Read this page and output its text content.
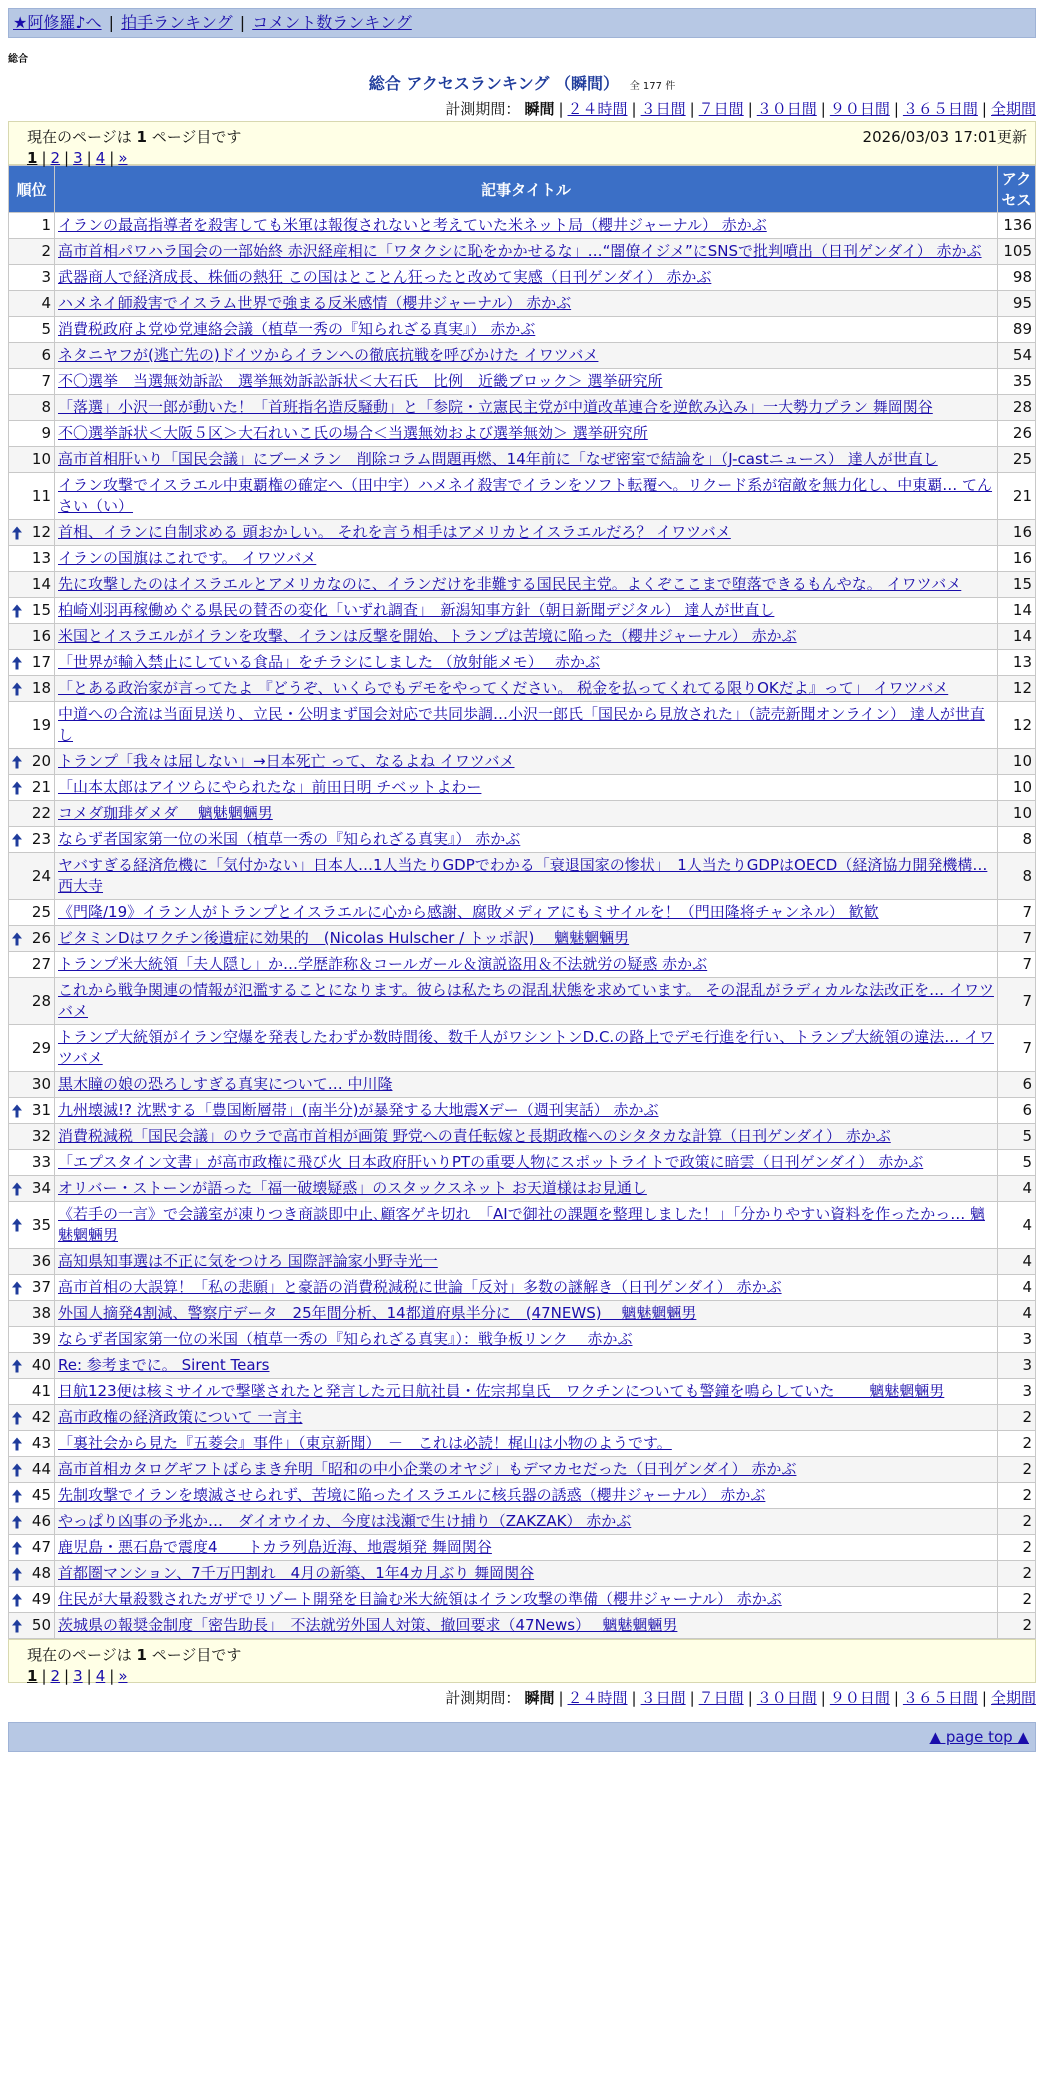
★阿修羅♪へ | 拍手ランキング | コメント数ランキング
総合
総合 アクセスランキング （瞬間） 全 177 件
計測期間： 瞬間 | ２４時間 | ３日間 | ７日間 | ３０日間 | ９０日間 | ３６５日間 | 全期間
現在のページは 1 ページ目です	2026/03/03 17:01更新
1 | 2 | 3 | 4 | »
順位	記事タイトル	アク
セス
1	イランの最高指導者を殺害しても米軍は報復されないと考えていた米ネット局（櫻井ジャーナル） 赤かぶ	136
2	高市首相パワハラ国会の一部始終 赤沢経産相に「ワタクシに恥をかかせるな」…“闇僚イジメ”にSNSで批判噴出（日刊ゲンダイ） 赤かぶ	105
3	武器商人で経済成長、株価の熱狂 この国はとことん狂ったと改めて実感（日刊ゲンダイ） 赤かぶ	98
4	ハメネイ師殺害でイスラム世界で強まる反米感情（櫻井ジャーナル） 赤かぶ	95
5	消費税政府よ党ゆ党連絡会議（植草一秀の『知られざる真実』） 赤かぶ	89
6	ネタニヤフが(逃亡先の)ドイツからイランへの徹底抗戦を呼びかけた イワツバメ	54
7	不〇選挙　当選無効訴訟　選挙無効訴訟訴状＜大石氏　比例　近畿ブロック＞ 選挙研究所	35
8	「落選」小沢一郎が動いた！「首班指名造反騒動」と「参院・立憲民主党が中道改革連合を逆飲み込み」一大勢力プラン 舞岡関谷	28
9	不〇選挙訴状＜大阪５区＞大石れいこ氏の場合＜当選無効および選挙無効＞ 選挙研究所	26
10	高市首相肝いり「国民会議」にブーメラン　削除コラム問題再燃、14年前に「なぜ密室で結論を」（J-castニュース） 達人が世直し	25
11	イラン攻撃でイスラエル中東覇権の確定へ（田中宇）ハメネイ殺害でイランをソフト転覆へ。リクード系が宿敵を無力化し、中東覇… てんさい（い）	21

12	首相、イランに自制求める 頭おかしい。 それを言う相手はアメリカとイスラエルだろ？ イワツバメ	16
13	イランの国旗はこれです。 イワツバメ	16
14	先に攻撃したのはイスラエルとアメリカなのに、イランだけを非難する国民民主党。よくぞここまで堕落できるもんやな。 イワツバメ	15

15	柏崎刈羽再稼働めぐる県民の賛否の変化「いずれ調査」　新潟知事方針（朝日新聞デジタル） 達人が世直し	14
16	米国とイスラエルがイランを攻撃、イランは反撃を開始、トランプは苦境に陥った（櫻井ジャーナル） 赤かぶ	14

17	「世界が輸入禁止にしている食品」をチラシにしました （放射能メモ）　 赤かぶ	13

18	「とある政治家が言ってたよ 『どうぞ、いくらでもデモをやってください。 税金を払ってくれてる限りOKだよ』って」 イワツバメ	12
19	中道への合流は当面見送り、立民・公明まず国会対応で共同歩調…小沢一郎氏「国民から見放された」（読売新聞オンライン） 達人が世直し	12

20	トランプ「我々は屈しない」→日本死亡 って、なるよね イワツバメ	10

21	「山本太郎はアイツらにやられたな」前田日明 チベットよわー	10
22	コメダ珈琲ダメダ　 魑魅魍魎男	10

23	ならず者国家第一位の米国（植草一秀の『知られざる真実』） 赤かぶ	8
24	ヤバすぎる経済危機に「気付かない」日本人…1人当たりGDPでわかる「衰退国家の惨状」　1人当たりGDPはOECD（経済協力開発機構… 西大寺	8
25	《門隆/19》イラン人がトランプとイスラエルに心から感謝、腐敗メディアにもミサイルを！（門田隆将チャンネル） 歓歓	7

26	ビタミンDはワクチン後遺症に効果的　(Nicolas Hulscher / トッポ訳)　 魑魅魍魎男	7
27	トランプ米大統領「夫人隠し」か…学歴詐称＆コールガール＆演説盗用＆不法就労の疑惑 赤かぶ	7
28	これから戦争関連の情報が氾濫することになります。彼らは私たちの混乱状態を求めています。 その混乱がラディカルな法改正を… イワツバメ	7
29	トランプ大統領がイラン空爆を発表したわずか数時間後、数千人がワシントンD.C.の路上でデモ行進を行い、トランプ大統領の違法… イワツバメ	7
30	黒木瞳の娘の恐ろしすぎる真実について… 中川隆	6

31	九州壊滅!? 沈黙する「豊国断層帯」(南半分)が暴発する大地震Xデー（週刊実話） 赤かぶ	6
32	消費税減税「国民会議」のウラで高市首相が画策 野党への責任転嫁と長期政権へのシタタカな計算（日刊ゲンダイ） 赤かぶ	5
33	「エプスタイン文書」が高市政権に飛び火 日本政府肝いりPTの重要人物にスポットライトで政策に暗雲（日刊ゲンダイ） 赤かぶ	5

34	オリバー・ストーンが語った「福一破壊疑惑」のスタックスネット お天道様はお見通し	4

35	《若手の一言》で会議室が凍りつき商談即中止､顧客ゲキ切れ　「AIで御社の課題を整理しました！」｢分かりやすい資料を作ったかっ… 魑魅魍魎男	4
36	高知県知事選は不正に気をつけろ 国際評論家小野寺光一	4

37	高市首相の大誤算！「私の悲願」と豪語の消費税減税に世論「反対」多数の謎解き（日刊ゲンダイ） 赤かぶ	4
38	外国人摘発4割減、警察庁データ　25年間分析、14都道府県半分に　(47NEWS)　 魑魅魍魎男	4
39	ならず者国家第一位の米国（植草一秀の『知られざる真実』）：戦争板リンク　 赤かぶ	3

40	Re: 参考までに。 Sirent Tears	3
41	日航123便は核ミサイルで撃墜されたと発言した元日航社員・佐宗邦皇氏　ワクチンについても警鐘を鳴らしていた　　 魑魅魍魎男	3

42	高市政権の経済政策について 一言主	2

43	「裏社会から見た『五菱会』事件」（東京新聞）　－　これは必読！梶山は小物のようです。	2

44	高市首相カタログギフトばらまき弁明「昭和の中小企業のオヤジ」もデマカセだった（日刊ゲンダイ） 赤かぶ	2

45	先制攻撃でイランを壊滅させられず、苦境に陥ったイスラエルに核兵器の誘惑（櫻井ジャーナル） 赤かぶ	2

46	やっぱり凶事の予兆か…　ダイオウイカ、今度は浅瀬で生け捕り（ZAKZAK） 赤かぶ	2

47	鹿児島・悪石島で震度4　　トカラ列島近海、地震頻発 舞岡関谷	2

48	首都圏マンション、7千万円割れ　4月の新築、1年4カ月ぶり 舞岡関谷	2

49	住民が大量殺戮されたガザでリゾート開発を目論む米大統領はイラン攻撃の準備（櫻井ジャーナル） 赤かぶ	2

50	茨城県の報奨金制度「密告助長」　不法就労外国人対策、撤回要求（47News）　 魑魅魍魎男	2
現在のページは 1 ページ目です
1 | 2 | 3 | 4 | »
計測期間： 瞬間 | ２４時間 | ３日間 | ７日間 | ３０日間 | ９０日間 | ３６５日間 | 全期間
▲ page top ▲
